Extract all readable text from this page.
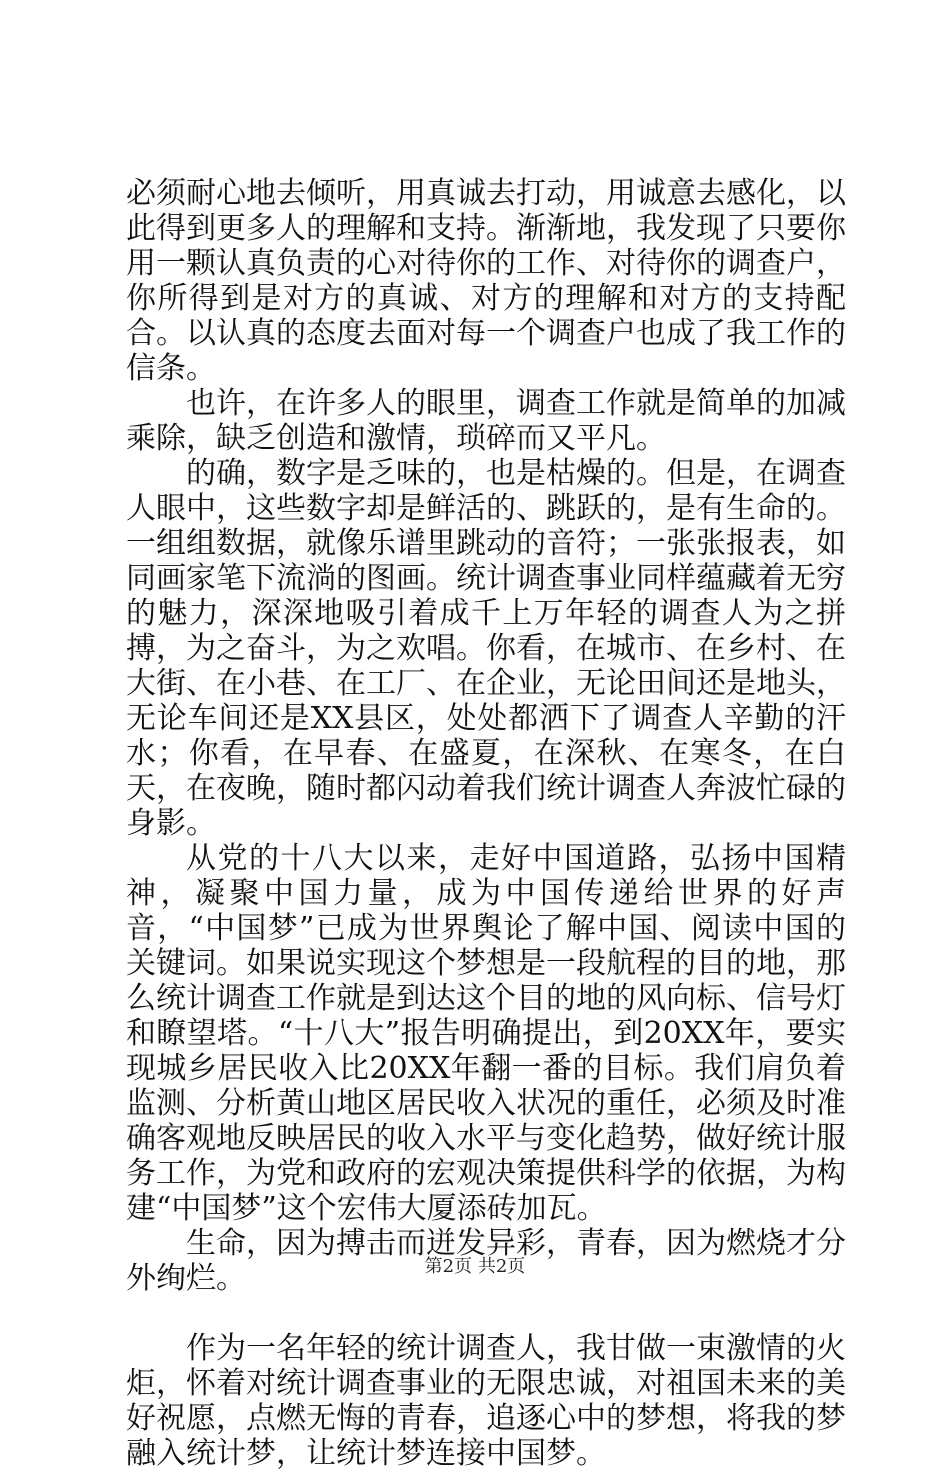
必须耐心地去倾听，用真诚去打动，用诚意去感化，以此得到更多人的理解和支持。渐渐地，我发现了只要你用一颗认真负责的心对待你的工作、对待你的调查户，你所得到是对方的真诚、对方的理解和对方的支持配合。以认真的态度去面对每一个调查户也成了我工作的信条。

也许，在许多人的眼里，调查工作就是简单的加减乘除，缺乏创造和激情，琐碎而又平凡。

的确，数字是乏味的，也是枯燥的。但是，在调查人眼中，这些数字却是鲜活的、跳跃的，是有生命的。一组组数据，就像乐谱里跳动的音符；一张张报表，如同画家笔下流淌的图画。统计调查事业同样蕴藏着无穷的魅力，深深地吸引着成千上万年轻的调查人为之拼搏，为之奋斗，为之欢唱。你看，在城市、在乡村、在大街、在小巷、在工厂、在企业，无论田间还是地头，无论车间还是XX县区，处处都洒下了调查人辛勤的汗水；你看，在早春、在盛夏，在深秋、在寒冬，在白天，在夜晚，随时都闪动着我们统计调查人奔波忙碌的身影。

从党的十八大以来，走好中国道路，弘扬中国精神，凝聚中国力量，成为中国传递给世界的好声音，“中国梦”已成为世界舆论了解中国、阅读中国的关键词。如果说实现这个梦想是一段航程的目的地，那么统计调查工作就是到达这个目的地的风向标、信号灯和瞭望塔。“十八大”报告明确提出，到20XX年，要实现城乡居民收入比20XX年翻一番的目标。我们肩负着监测、分析黄山地区居民收入状况的重任，必须及时准确客观地反映居民的收入水平与变化趋势，做好统计服务工作，为党和政府的宏观决策提供科学的依据，为构建“中国梦”这个宏伟大厦添砖加瓦。

生命，因为搏击而迸发异彩，青春，因为燃烧才分外绚烂。

作为一名年轻的统计调查人，我甘做一束激情的火炬，怀着对统计调查事业的无限忠诚，对祖国未来的美好祝愿，点燃无悔的青春，追逐心中的梦想，将我的梦融入统计梦，让统计梦连接中国梦。

第2页 共2页
